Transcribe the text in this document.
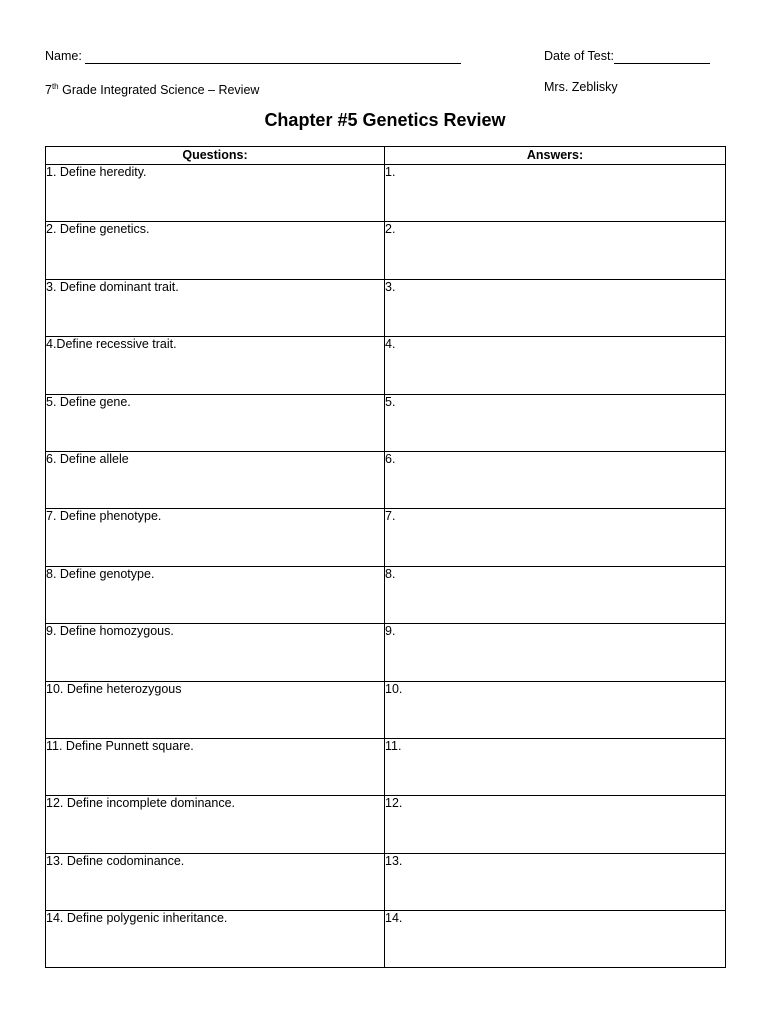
Name:	Date of Test:
7th Grade Integrated Science – Review	Mrs. Zeblisky
Chapter #5 Genetics Review
Questions:	Answers:
1. Define heredity.	1.
2. Define genetics.	2.
3. Define dominant trait.	3.
4.Define recessive trait.	4.
5. Define gene.	5.
6. Define allele	6.
7. Define phenotype.	7.
8. Define genotype.	8.
9. Define homozygous.	9.
10. Define heterozygous	10.
11. Define Punnett square.	11.
12. Define incomplete dominance.	12.
13. Define codominance.	13.
14. Define polygenic inheritance.	14.
